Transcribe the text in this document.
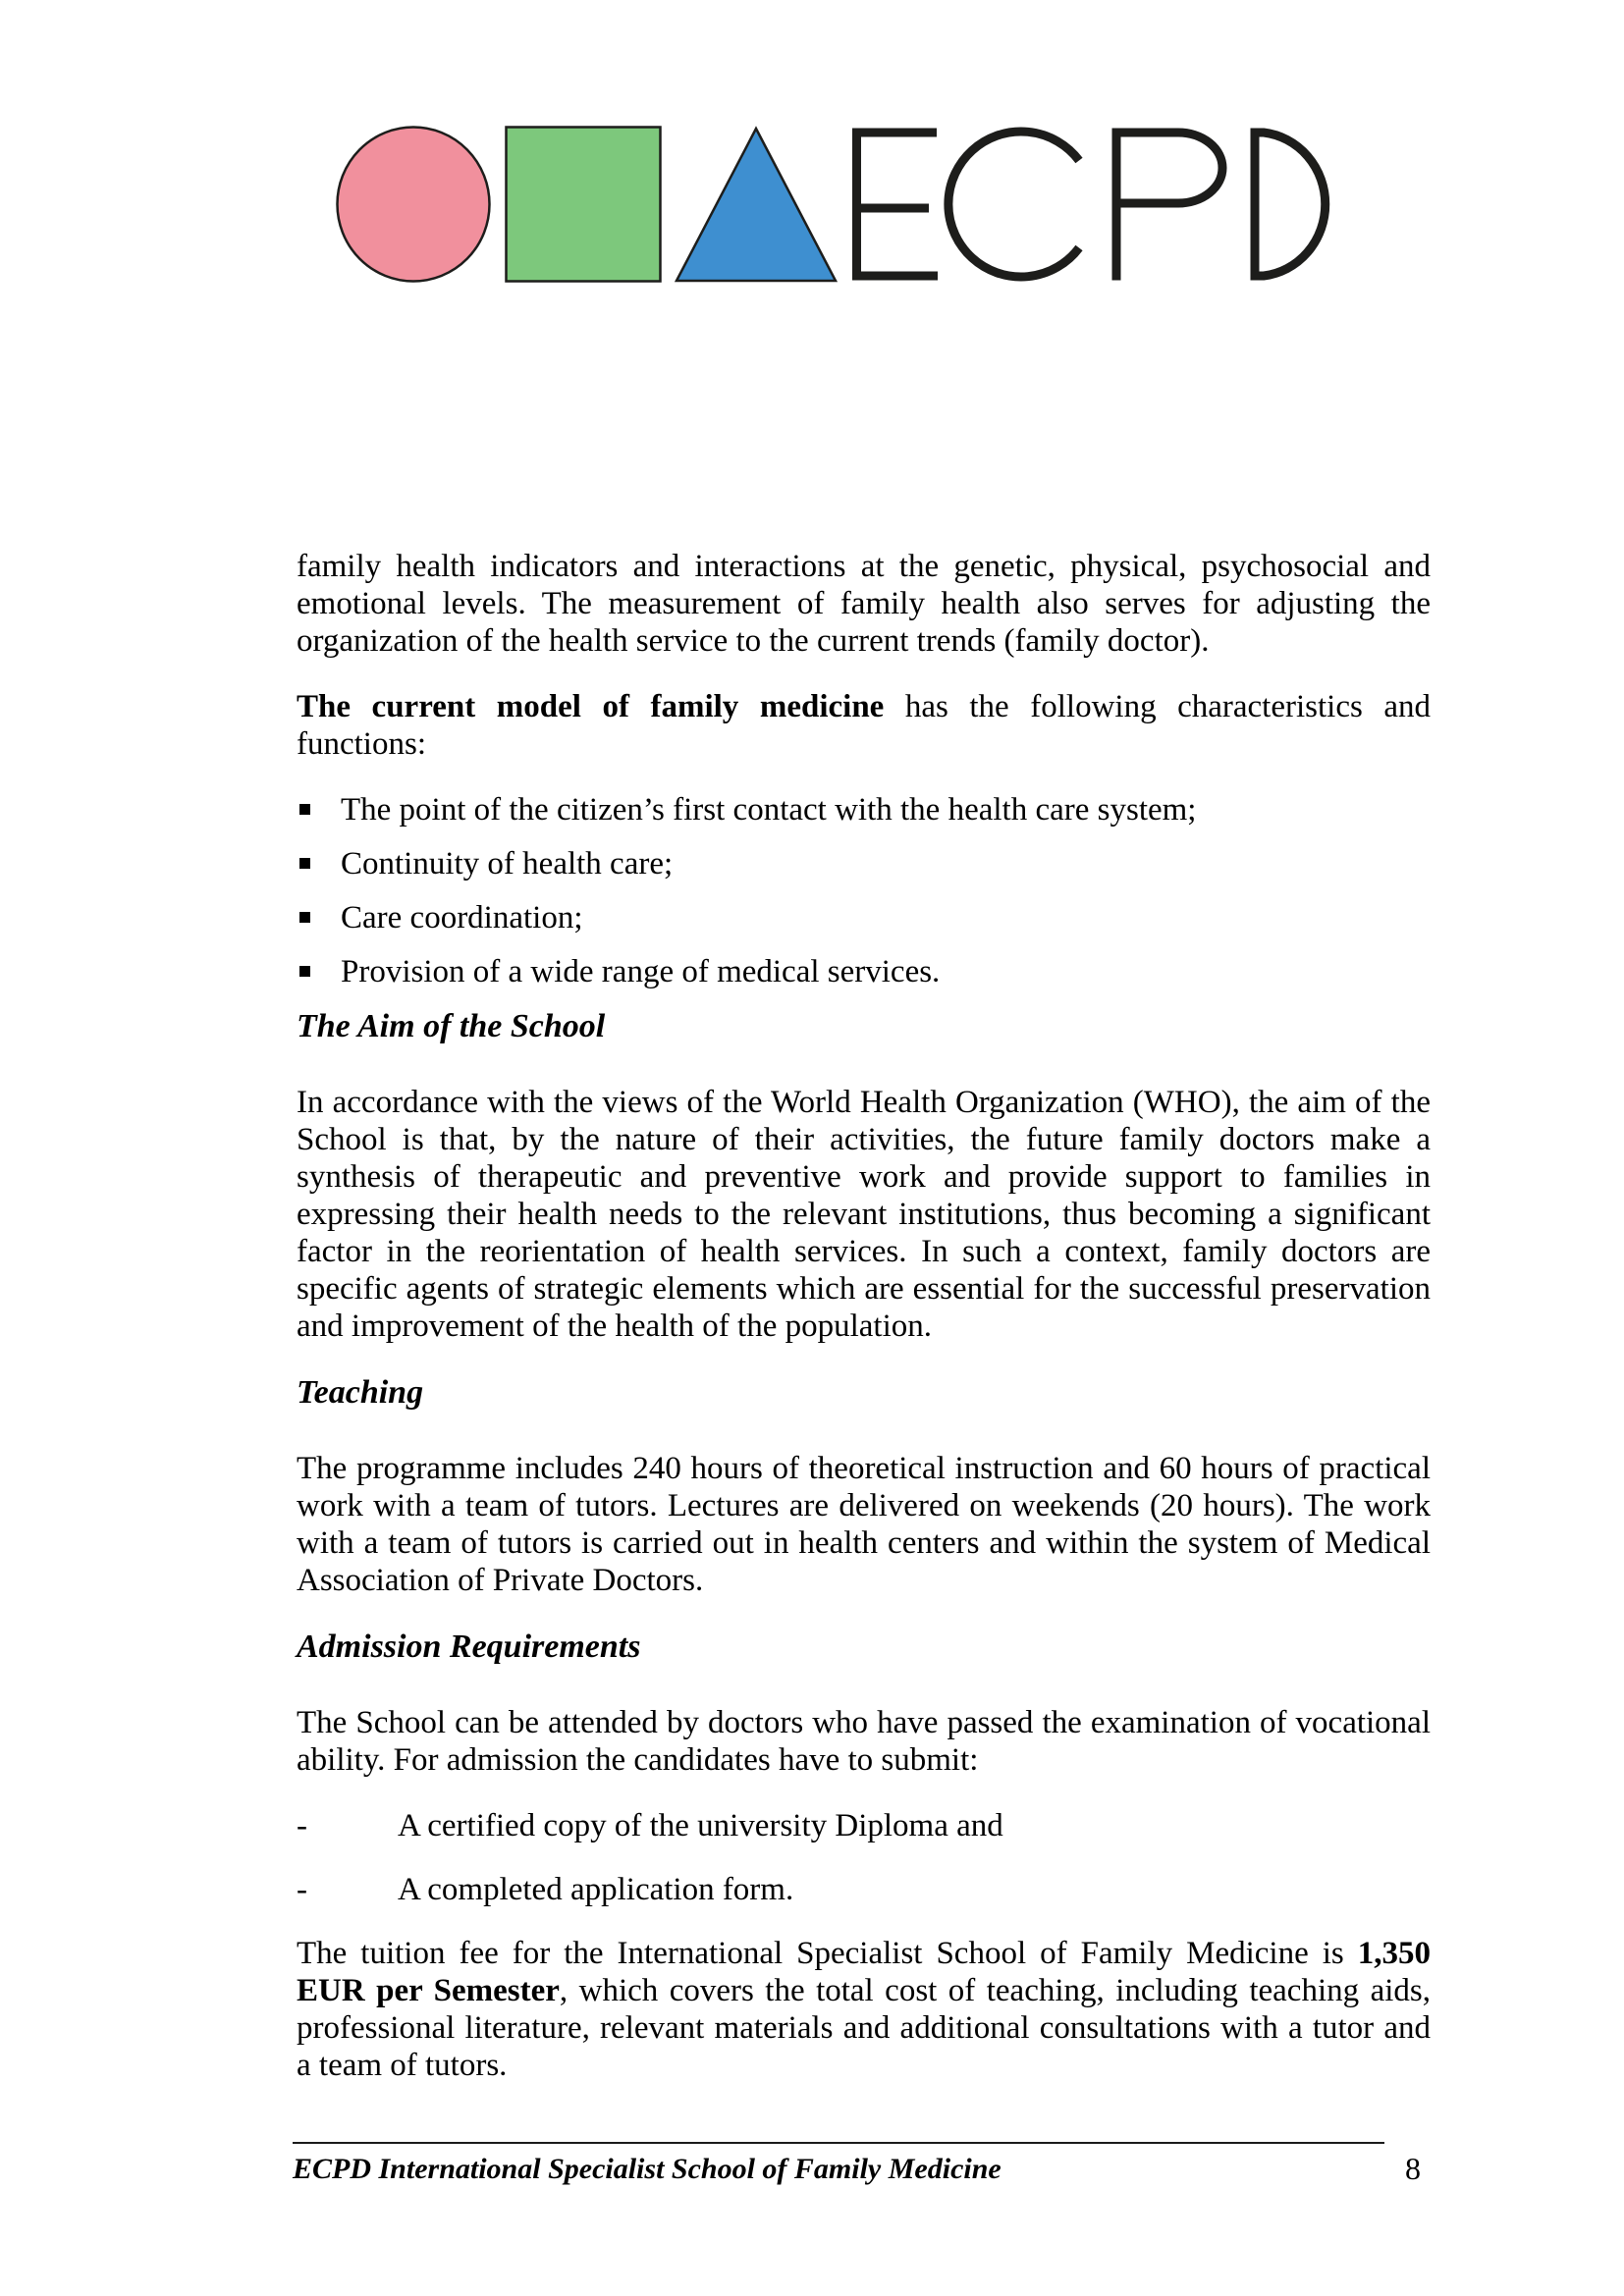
family health indicators and interactions at the genetic, physical, psychosocial and emotional levels. The measurement of family health also serves for adjusting the organization of the health service to the current trends (family doctor).

The current model of family medicine has the following characteristics and functions:

The point of the citizen’s first contact with the health care system;
Continuity of health care;
Care coordination;
Provision of a wide range of medical services.
The Aim of the School

In accordance with the views of the World Health Organization (WHO), the aim of the School is that, by the nature of their activities, the future family doctors make a synthesis of therapeutic and preventive work and provide support to families in expressing their health needs to the relevant institutions, thus becoming a significant factor in the reorientation of health services. In such a context, family doctors are specific agents of strategic elements which are essential for the successful preservation and improvement of the health of the population.

Teaching

The programme includes 240 hours of theoretical instruction and 60 hours of practical work with a team of tutors. Lectures are delivered on weekends (20 hours). The work with a team of tutors is carried out in health centers and within the system of Medical Association of Private Doctors.

Admission Requirements

The School can be attended by doctors who have passed the examination of vocational ability. For admission the candidates have to submit:

-	A certified copy of the university Diploma and
-	A completed application form.

The tuition fee for the International Specialist School of Family Medicine is 1,350 EUR per Semester, which covers the total cost of teaching, including teaching aids, professional literature, relevant materials and additional consultations with a tutor and a team of tutors.

ECPD International Specialist School of Family Medicine	8
